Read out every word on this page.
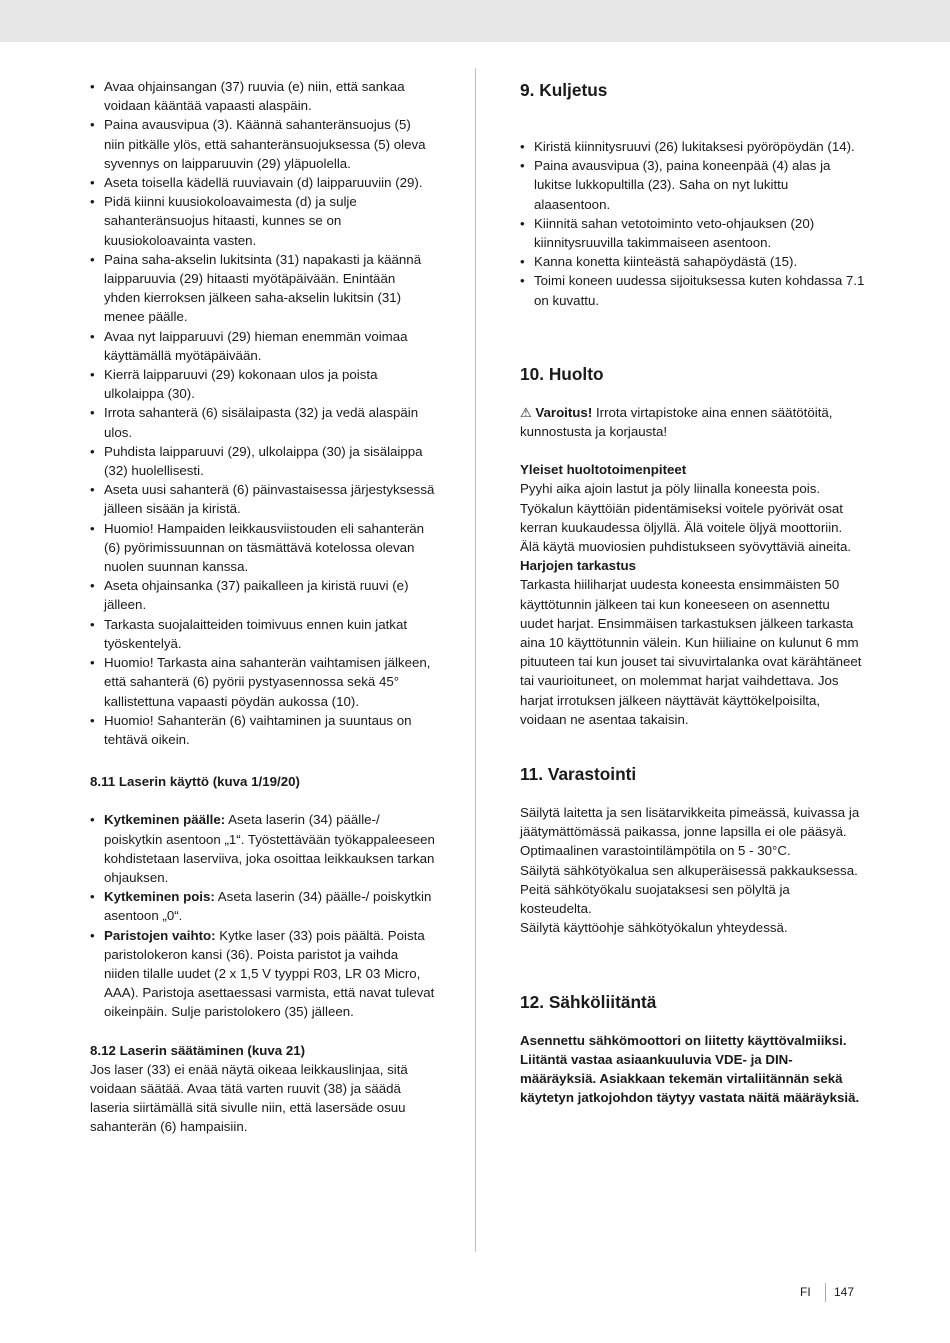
• Avaa ohjainsangan (37) ruuvia (e) niin, että sankaa voidaan kääntää vapaasti alaspäin.
• Paina avausvipua (3). Käännä sahanteränsuojus (5) niin pitkälle ylös, että sahanteränsuojuksessa (5) oleva syvennys on laipparuuvin (29) yläpuolella.
• Aseta toisella kädellä ruuviavain (d) laipparuuviin (29).
• Pidä kiinni kuusiokoloavaimesta (d) ja sulje sahanteränsuojus hitaasti, kunnes se on kuusiokoloavainta vasten.
• Paina saha-akselin lukitsinta (31) napakasti ja käännä laipparuuvia (29) hitaasti myötäpäivään. Enintään yhden kierroksen jälkeen saha-akselin lukitsin (31) menee päälle.
• Avaa nyt laipparuuvi (29) hieman enemmän voimaa käyttämällä myötäpäivään.
• Kierrä laipparuuvi (29) kokonaan ulos ja poista ulkolaippa (30).
• Irrota sahanterä (6) sisälaipasta (32) ja vedä alaspäin ulos.
• Puhdista laipparuuvi (29), ulkolaippa (30) ja sisälaippa (32) huolellisesti.
• Aseta uusi sahanterä (6) päinvastaisessa järjestyksessä jälleen sisään ja kiristä.
• Huomio! Hampaiden leikkausviistouden eli sahanterän (6) pyörimissuunnan on täsmättävä kotelossa olevan nuolen suunnan kanssa.
• Aseta ohjainsanka (37) paikalleen ja kiristä ruuvi (e) jälleen.
• Tarkasta suojalaitteiden toimivuus ennen kuin jatkat työskentelyä.
• Huomio! Tarkasta aina sahanterän vaihtamisen jälkeen, että sahanterä (6) pyörii pystyasennossa sekä 45° kallistettuna vapaasti pöydän aukossa (10).
• Huomio! Sahanterän (6) vaihtaminen ja suuntaus on tehtävä oikein.

8.11 Laserin käyttö (kuva 1/19/20)

• Kytkeminen päälle: Aseta laserin (34) päälle-/ poiskytkin asentoon „1“. Työstettävään työkappaleeseen kohdistetaan laserviiva, joka osoittaa leikkauksen tarkan ohjauksen.
• Kytkeminen pois: Aseta laserin (34) päälle-/ poiskytkin asentoon „0“.
• Paristojen vaihto: Kytke laser (33) pois päältä. Poista paristolokeron kansi (36). Poista paristot ja vaihda niiden tilalle uudet (2 x 1,5 V tyyppi R03, LR 03 Micro, AAA). Paristoja asettaessasi varmista, että navat tulevat oikeinpäin. Sulje paristolokero (35) jälleen.

8.12 Laserin säätäminen (kuva 21)

Jos laser (33) ei enää näytä oikeaa leikkauslinjaa, sitä voidaan säätää. Avaa tätä varten ruuvit (38) ja säädä laseria siirtämällä sitä sivulle niin, että lasersäde osuu sahanterän (6) hampaisiin.

9. Kuljetus

• Kiristä kiinnitysruuvi (26) lukitaksesi pyöröpöydän (14).
• Paina avausvipua (3), paina koneenpää (4) alas ja lukitse lukkopultilla (23). Saha on nyt lukittu alaasentoon.
• Kiinnitä sahan vetotoiminto veto-ohjauksen (20) kiinnitysruuvilla takimmaiseen asentoon.
• Kanna konetta kiinteästä sahapöydästä (15).
• Toimi koneen uudessa sijoituksessa kuten kohdassa 7.1 on kuvattu.

10. Huolto

⚠ Varoitus! Irrota virtapistoke aina ennen säätötöitä, kunnostusta ja korjausta!

Yleiset huoltotoimenpiteet

Pyyhi aika ajoin lastut ja pöly liinalla koneesta pois. Työkalun käyttöiän pidentämiseksi voitele pyörivät osat kerran kuukaudessa öljyllä. Älä voitele öljyä moottoriin. Älä käytä muoviosien puhdistukseen syövyttäviä aineita.

Harjojen tarkastus

Tarkasta hiiliharjat uudesta koneesta ensimmäisten 50 käyttötunnin jälkeen tai kun koneeseen on asennettu uudet harjat. Ensimmäisen tarkastuksen jälkeen tarkasta aina 10 käyttötunnin välein. Kun hiiliaine on kulunut 6 mm pituuteen tai kun jouset tai sivuvirtalanka ovat kärähtäneet tai vaurioituneet, on molemmat harjat vaihdettava. Jos harjat irrotuksen jälkeen näyttävät käyttökelpoisilta, voidaan ne asentaa takaisin.

11. Varastointi

Säilytä laitetta ja sen lisätarvikkeita pimeässä, kuivassa ja jäätymättömässä paikassa, jonne lapsilla ei ole pääsyä. Optimaalinen varastointilämpötila on 5 - 30°C.

Säilytä sähkötyökalua sen alkuperäisessä pakkauksessa.

Peitä sähkötyökalu suojataksesi sen pölyltä ja kosteudelta.

Säilytä käyttöohje sähkötyökalun yhteydessä.

12. Sähköliitäntä

Asennettu sähkömoottori on liitetty käyttövalmiiksi. Liitäntä vastaa asiaankuuluvia VDE- ja DIN-määräyksiä. Asiakkaan tekemän virtaliitännän sekä käytetyn jatkojohdon täytyy vastata näitä määräyksiä.

FI 147
